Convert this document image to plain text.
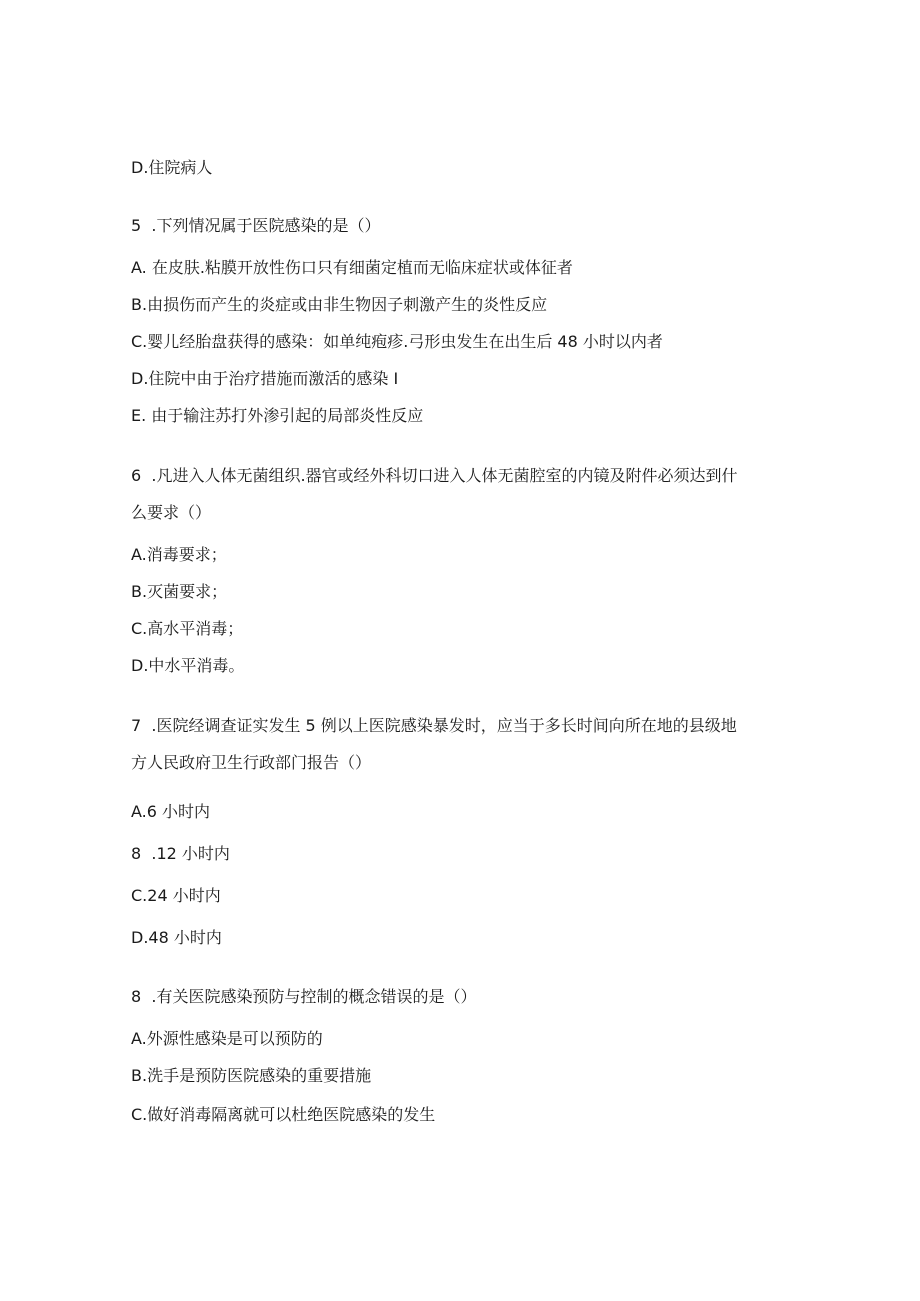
D.住院病人
5  .下列情况属于医院感染的是（）
A. 在皮肤.粘膜开放性伤口只有细菌定植而无临床症状或体征者
B.由损伤而产生的炎症或由非生物因子刺激产生的炎性反应
C.婴儿经胎盘获得的感染：如单纯疱疹.弓形虫发生在出生后 48 小时以内者
D.住院中由于治疗措施而激活的感染 I
E. 由于输注苏打外渗引起的局部炎性反应
6  .凡进入人体无菌组织.器官或经外科切口进入人体无菌腔室的内镜及附件必须达到什
么要求（）
A.消毒要求；
B.灭菌要求；
C.高水平消毒；
D.中水平消毒。
7  .医院经调查证实发生 5 例以上医院感染暴发时，应当于多长时间向所在地的县级地
方人民政府卫生行政部门报告（）
A.6 小时内
8  .12 小时内
C.24 小时内
D.48 小时内
8  .有关医院感染预防与控制的概念错误的是（）
A.外源性感染是可以预防的
B.洗手是预防医院感染的重要措施
C.做好消毒隔离就可以杜绝医院感染的发生
